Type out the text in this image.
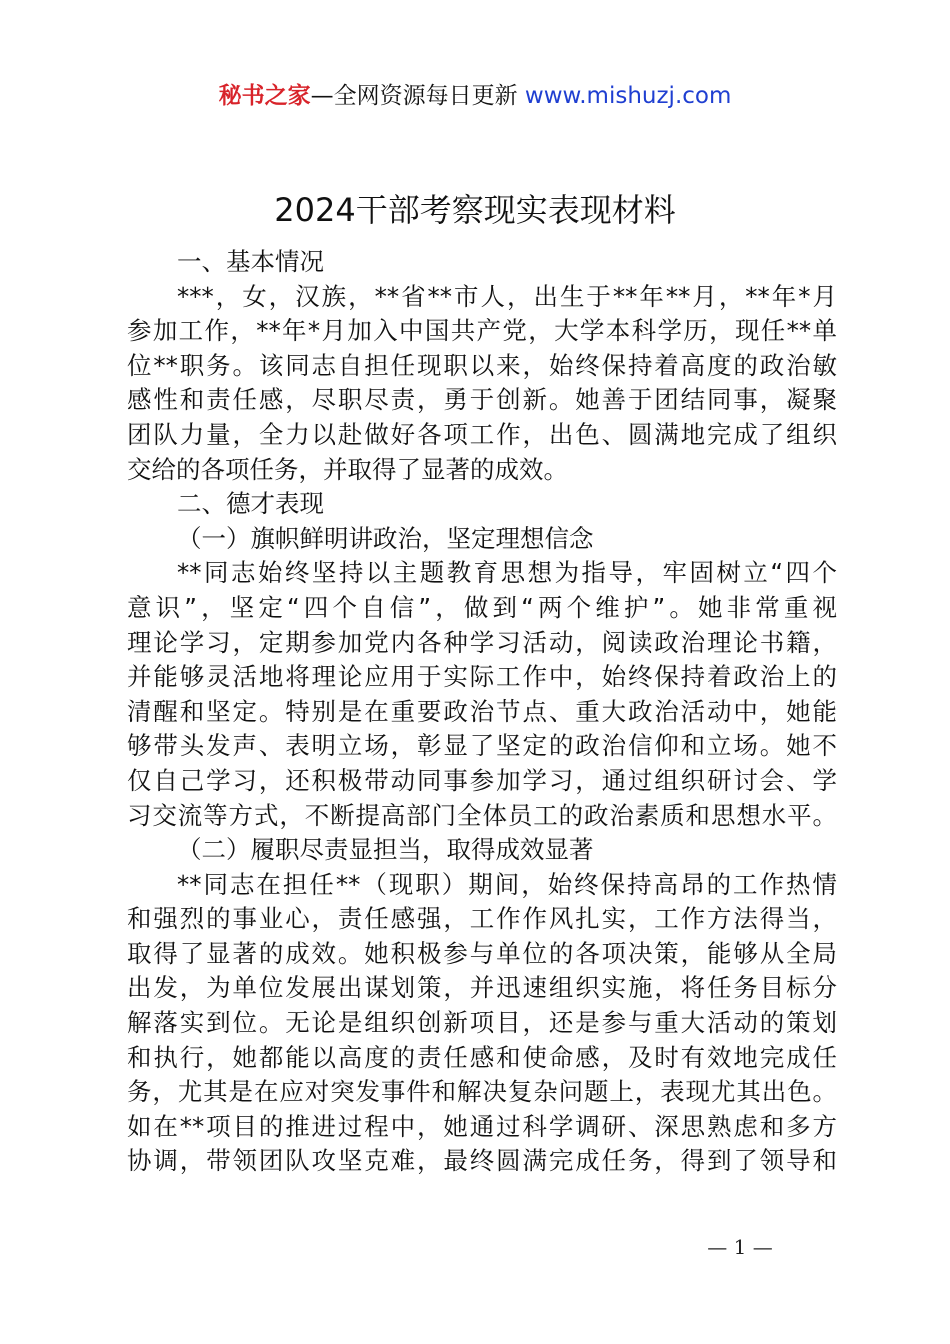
秘书之家—全网资源每日更新 www.mishuzj.com
2024干部考察现实表现材料
一、基本情况
***，女，汉族，**省**市人，出生于**年**月，**年*月
参加工作，**年*月加入中国共产党，大学本科学历，现任**单
位**职务。该同志自担任现职以来，始终保持着高度的政治敏
感性和责任感，尽职尽责，勇于创新。她善于团结同事，凝聚
团队力量，全力以赴做好各项工作，出色、圆满地完成了组织
交给的各项任务，并取得了显著的成效。
二、德才表现
（一）旗帜鲜明讲政治，坚定理想信念
**同志始终坚持以主题教育思想为指导，牢固树立“四个
意识”，坚定“四个自信”，做到“两个维护”。她非常重视
理论学习，定期参加党内各种学习活动，阅读政治理论书籍，
并能够灵活地将理论应用于实际工作中，始终保持着政治上的
清醒和坚定。特别是在重要政治节点、重大政治活动中，她能
够带头发声、表明立场，彰显了坚定的政治信仰和立场。她不
仅自己学习，还积极带动同事参加学习，通过组织研讨会、学
习交流等方式，不断提高部门全体员工的政治素质和思想水平。
（二）履职尽责显担当，取得成效显著
**同志在担任**（现职）期间，始终保持高昂的工作热情
和强烈的事业心，责任感强，工作作风扎实，工作方法得当，
取得了显著的成效。她积极参与单位的各项决策，能够从全局
出发，为单位发展出谋划策，并迅速组织实施，将任务目标分
解落实到位。无论是组织创新项目，还是参与重大活动的策划
和执行，她都能以高度的责任感和使命感，及时有效地完成任
务，尤其是在应对突发事件和解决复杂问题上，表现尤其出色。
如在**项目的推进过程中，她通过科学调研、深思熟虑和多方
协调，带领团队攻坚克难，最终圆满完成任务，得到了领导和
— 1 —
